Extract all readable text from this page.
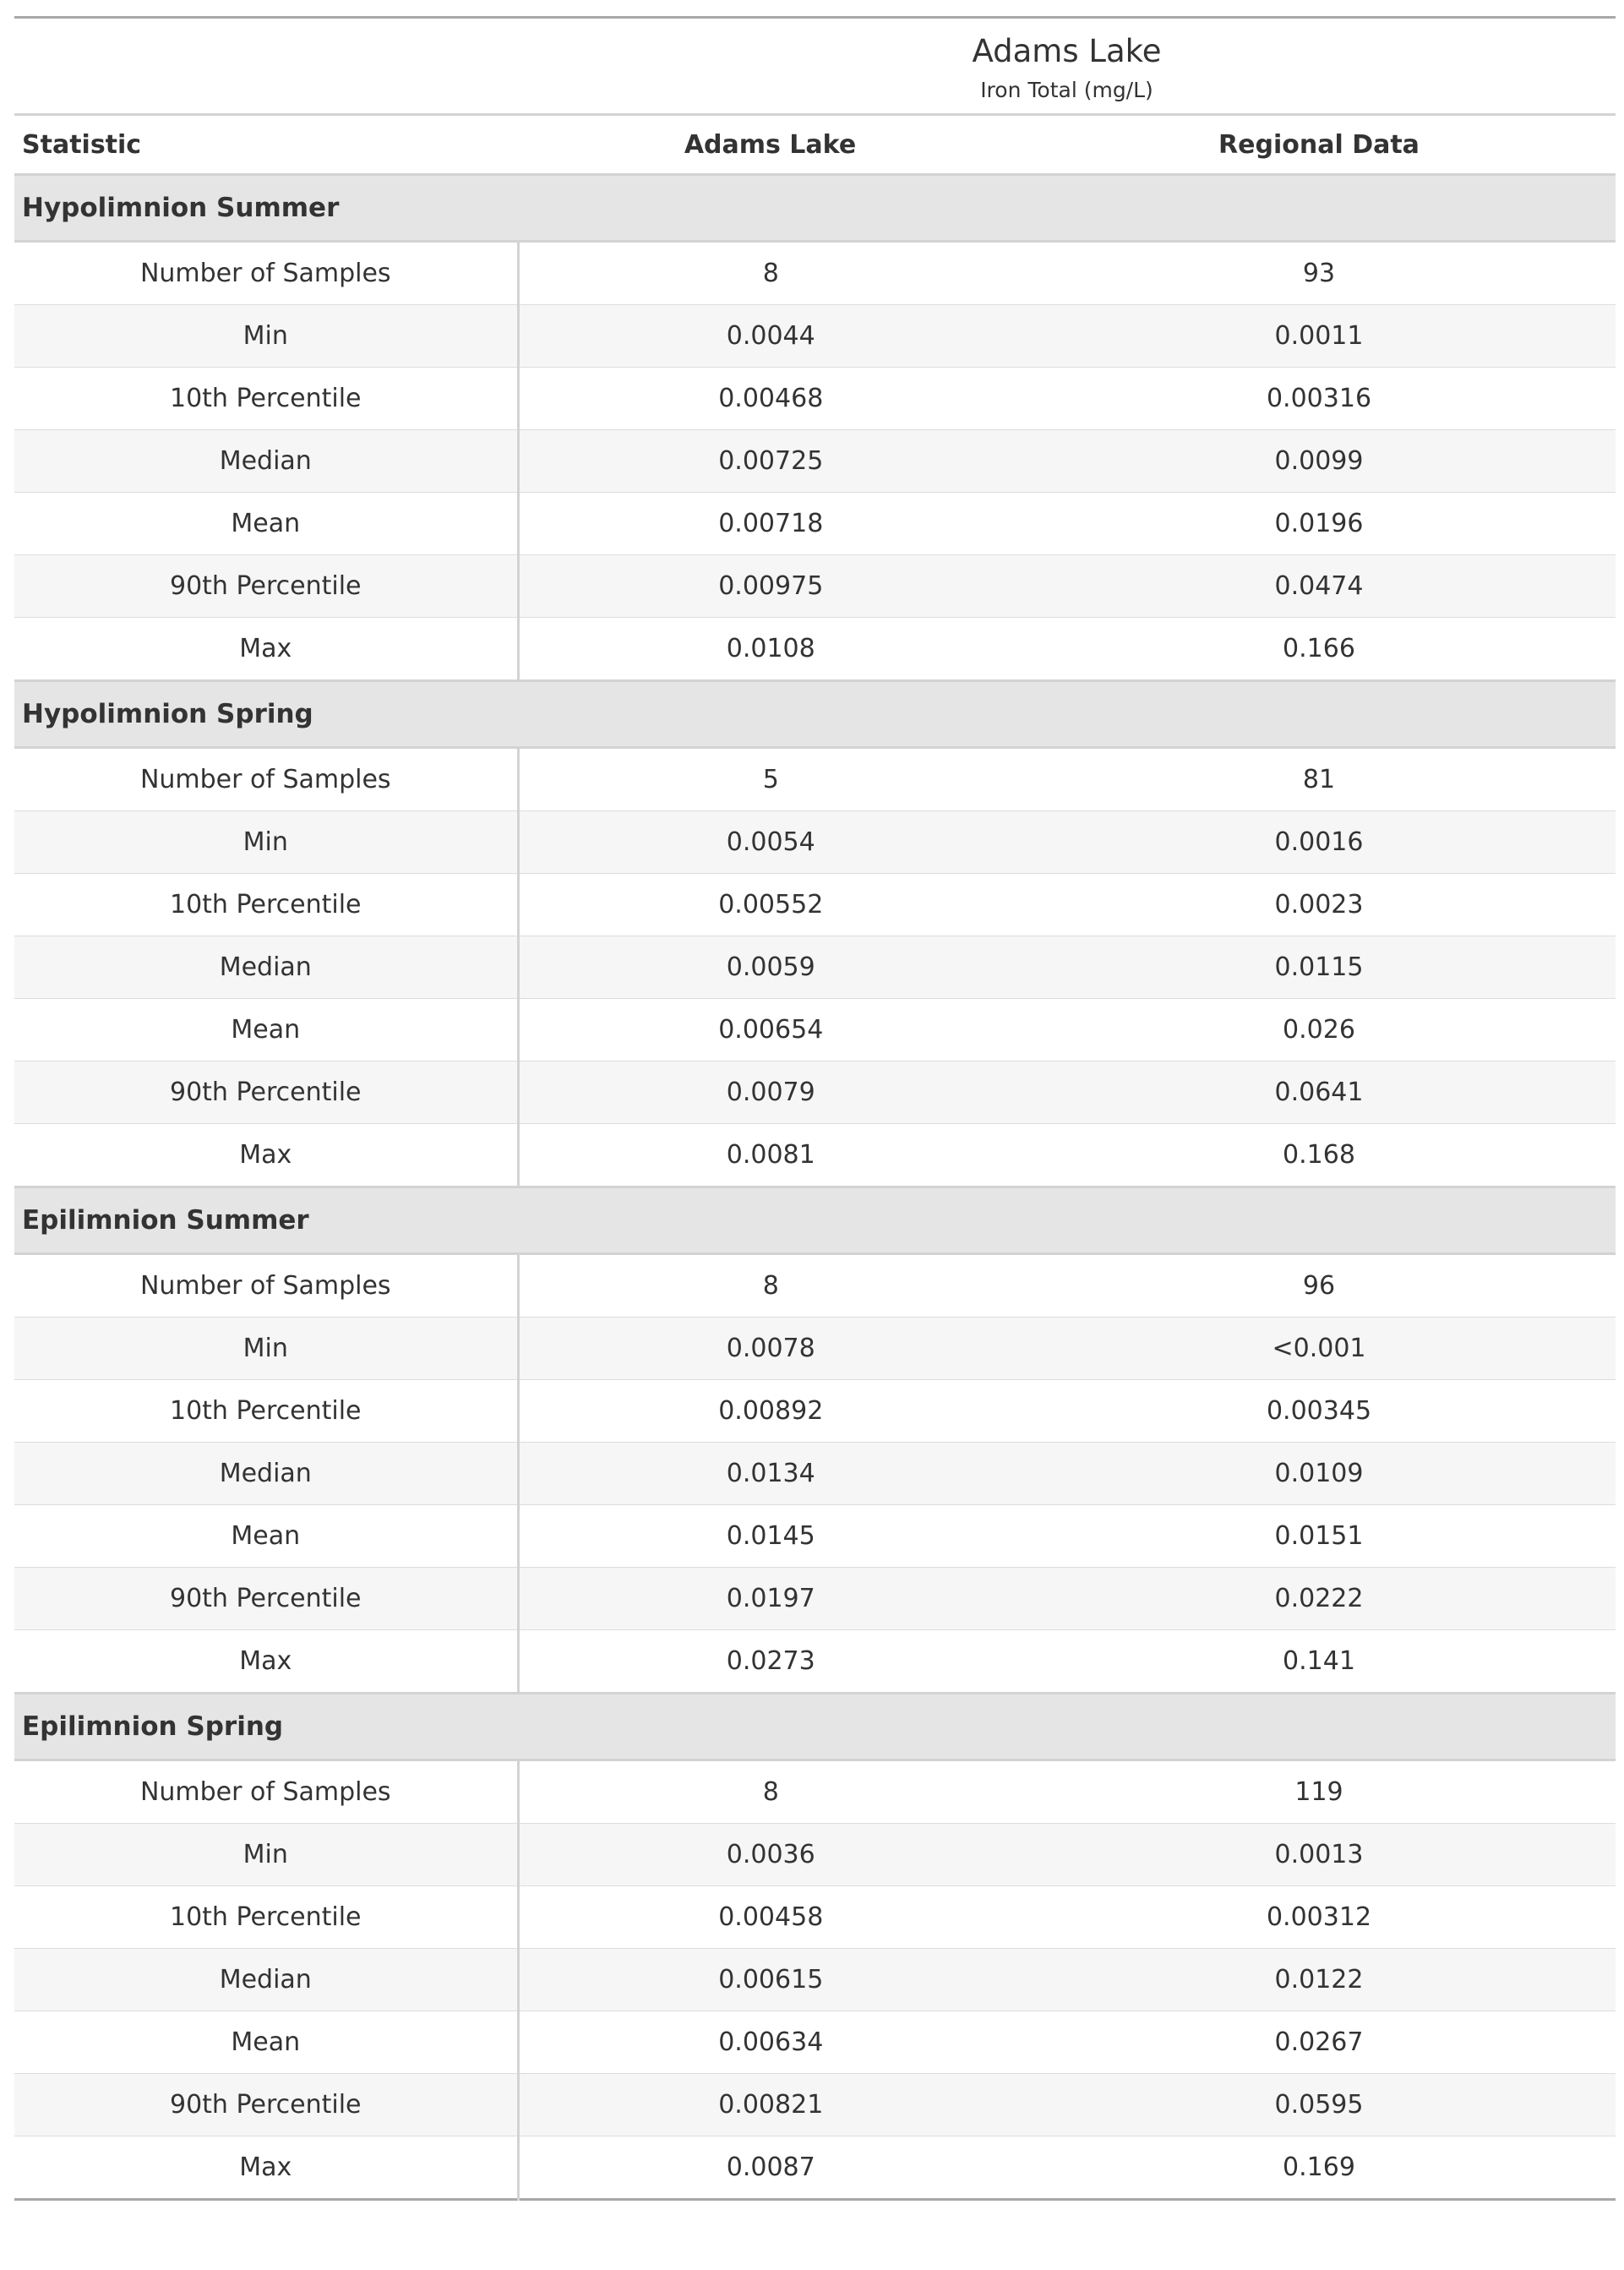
	Adams Lake
Iron Total (mg/L)	

Statistic	Adams Lake	Regional Data
Hypolimnion Summer		
Number of Samples	8	93
Min	0.0044	0.0011
10th Percentile	0.00468	0.00316
Median	0.00725	0.0099
Mean	0.00718	0.0196
90th Percentile	0.00975	0.0474
Max	0.0108	0.166
Hypolimnion Spring		
Number of Samples	5	81
Min	0.0054	0.0016
10th Percentile	0.00552	0.0023
Median	0.0059	0.0115
Mean	0.00654	0.026
90th Percentile	0.0079	0.0641
Max	0.0081	0.168
Epilimnion Summer		
Number of Samples	8	96
Min	0.0078	<0.001
10th Percentile	0.00892	0.00345
Median	0.0134	0.0109
Mean	0.0145	0.0151
90th Percentile	0.0197	0.0222
Max	0.0273	0.141
Epilimnion Spring		
Number of Samples	8	119
Min	0.0036	0.0013
10th Percentile	0.00458	0.00312
Median	0.00615	0.0122
Mean	0.00634	0.0267
90th Percentile	0.00821	0.0595
Max	0.0087	0.169
